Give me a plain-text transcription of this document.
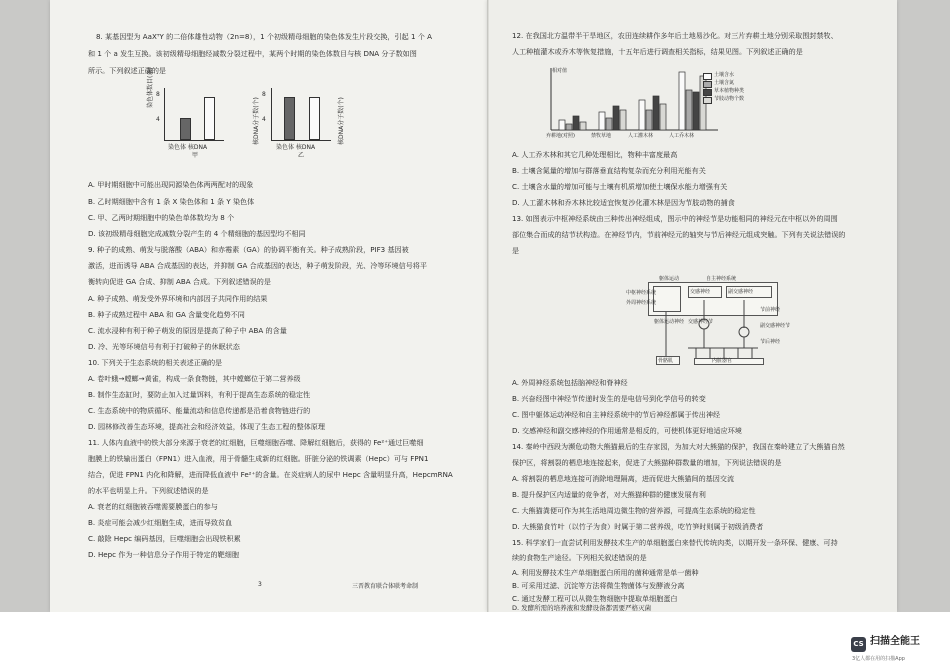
8. 某基因型为 AaXᵀY 的二倍体雄性动物（2n=8），1 个初级精母细胞的染色体发生片段交换，引起 1 个 A
和 1 个 a 发生互换。该初级精母细胞经减数分裂过程中，某两个时期的染色体数目与核 DNA 分子数如图
所示。下列叙述正确的是
染色体数目(条) 8
4
染色体 核DNA
甲
核DNA分子数(个)
8
4
染色体 核DNA
乙
核DNA分子数(个)
A. 甲时期细胞中可能出现同源染色体两两配对的现象
B. 乙时期细胞中含有 1 条 X 染色体和 1 条 Y 染色体
C. 甲、乙两时期细胞中的染色单体数均为 8 个
D. 该初级精母细胞完成减数分裂产生的 4 个精细胞的基因型均不相同
9. 种子的成熟、萌发与脱落酸（ABA）和赤霉素（GA）的协调平衡有关。种子成熟阶段，PIF3 基因被
激活，进而诱导 ABA 合成基因的表达，并抑制 GA 合成基因的表达，种子萌发阶段，光、冷等环境信号将平
衡转向促进 GA 合成、抑制 ABA 合成。下列叙述错误的是
A. 种子成熟、萌发受外界环境和内部因子共同作用的结果
B. 种子成熟过程中 ABA 和 GA 含量变化趋势不同
C. 流水浸种有利于种子萌发的原因是提高了种子中 ABA 的含量
D. 冷、光等环境信号有利于打破种子的休眠状态
10. 下列关于生态系统的相关表述正确的是
A. 卷叶蛾→螳螂→黄雀，构成一条食物链，其中螳螂位于第二营养级
B. 制作生态缸时，要防止加入过量饵料，有利于提高生态系统的稳定性
C. 生态系统中的物质循环、能量流动和信息传递都是沿着食物链进行的
D. 园林修改善生态环境，提高社会和经济效益，体现了生态工程的整体原理
11. 人体内血液中的铁大部分来源于衰老的红细胞，巨噬细胞吞噬、降解红细胞后，获得的 Fe²⁺通过巨噬细
胞膜上的铁输出蛋白（FPN1）进入血液，用于骨髓生成新的红细胞。肝脏分泌的铁调素（Hepc）可与 FPN1
结合，促进 FPN1 内化和降解，进而降低血液中 Fe²⁺的含量。在炎症病人的尿中 Hepc 含量明显升高，HepcmRNA
的水平也明显上升。下列叙述错误的是
A. 衰老的红细胞被吞噬需要膜蛋白的参与
B. 炎症可能会减少红细胞生成，进而导致贫血
C. 敲除 Hepc 编码基因，巨噬细胞会出现铁积累
D. Hepc 作为一种信息分子作用于特定的靶细胞
3	三晋教育联合体联考命制
12. 在我国北方温带半干旱地区，农田连续耕作多年后土地易沙化。对三片弃耕土地分别采取围封禁牧、
人工种植灌木或乔木等恢复措施，十五年后进行调查相关指标，结果见图。下列叙述正确的是
相对值
土壤含水
土壤含氮
草本植物种类
节肢动物个数
弃耕地(对照)	禁牧草地	人工灌木林	人工乔木林
A. 人工乔木林和其它几种处理相比，物种丰富度最高
B. 土壤含氮量的增加与群落垂直结构复杂而充分利用光能有关
C. 土壤含水量的增加可能与土壤有机质增加使土壤保水能力增强有关
D. 人工灌木林和乔木林比较适宜恢复沙化灌木林是因为节肢动物的捕食
13. 如图表示中枢神经系统由三种传出神经组成，图示中的神经节是功能相同的神经元在中枢以外的周围
部位集合而成的结节状构造。在神经节内，节前神经元的轴突与节后神经元组成突触。下列有关说法错误的
是
躯体运动	自主神经系统
交感神经	副交感神经
中枢神经系统
外周神经系统
躯体运动神经 交感神经节
副交感神经节
节前神经
节后神经
骨骼肌	内脏器官
A. 外周神经系统包括脑神经和脊神经
B. 兴奋经图中神经节传递时发生的是电信号到化学信号的转变
C. 图中躯体运动神经和自主神经系统中的节后神经都属于传出神经
D. 交感神经和副交感神经的作用通常是相反的，可使机体更好地适应环境
14. 秦岭中西段为濒危动物大熊猫最后的生存家园，为加大对大熊猫的保护，我国在秦岭建立了大熊猫自然
保护区，将割裂的栖息地连接起来，促进了大熊猫种群数量的增加，下列说法错误的是
A. 将割裂的栖息地连接可消除地理隔离，进而促进大熊猫间的基因交流
B. 提升保护区内适量的竞争者，对大熊猫种群的健康发展有利
C. 大熊猫粪便可作为其生活地周边微生物的营养源，可提高生态系统的稳定性
D. 大熊猫食竹叶（以竹子为食）时属于第二营养级，吃竹笋时则属于初级消费者
15. 科学家们一直尝试利用发酵技术生产的单细胞蛋白来替代传统肉类，以期开发一条环保、健康、可持
续的食物生产途径。下列相关叙述错误的是
A. 利用发酵技术生产单细胞蛋白所用的菌种通常是单一菌种
B. 可采用过滤、沉淀等方法将微生物菌体与发酵液分离
C. 通过发酵工程可以从微生物细胞中提取单细胞蛋白
D. 发酵所需的培养液和发酵设备都需要严格灭菌
CS 扫描全能王
3亿人都在用的扫描App
